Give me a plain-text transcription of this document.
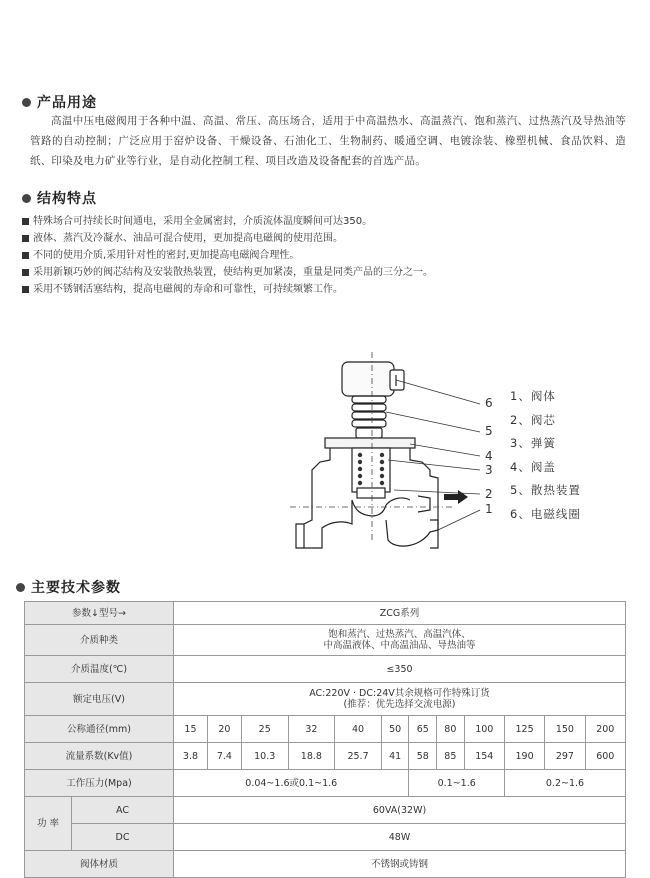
产品用途
高温中压电磁阀用于各种中温、高温、常压、高压场合，适用于中高温热水、高温蒸汽、饱和蒸汽、过热蒸汽及导热油等管路的自动控制；广泛应用于窑炉设备、干燥设备、石油化工、生物制药、暖通空调、电镀涂装、橡塑机械、食品饮料、造纸、印染及电力矿业等行业，是自动化控制工程、项目改造及设备配套的首选产品。
结构特点
特殊场合可持续长时间通电，采用全金属密封，介质流体温度瞬间可达350。
液体、蒸汽及冷凝水、油品可混合使用，更加提高电磁阀的使用范围。
不同的使用介质,采用针对性的密封,更加提高电磁阀合理性。
采用新颖巧妙的阀芯结构及安装散热装置，使结构更加紧凑，重量是同类产品的三分之一。
采用不锈钢活塞结构，提高电磁阀的寿命和可靠性，可持续频繁工作。
6
5
4
3
2
1
1、阀体
2、阀芯
3、弹簧
4、阀盖
5、散热装置
6、电磁线圈
主要技术参数
参数↓型号→		ZCG系列											
介质种类		饱和蒸汽、过热蒸汽、高温汽体、
中高温液体、中高温油品、导热油等											

介质温度(℃)		≤350											
额定电压(V)		AC:220V · DC:24V其余规格可作特殊订货
(推荐：优先选择交流电源)											

公称通径(mm)		15	20	25	32	40	50	65	80	100	125	150	200
流量系数(Kv值)		3.8	7.4	10.3	18.8	25.7	41	58	85	154	190	297	600
工作压力(Mpa)		0.04~1.6或0.1~1.6						0.1~1.6			0.2~1.6		
功 率	AC	60VA(32W)											
	DC	48W											
阀体材质		不锈钢或铸钢											
